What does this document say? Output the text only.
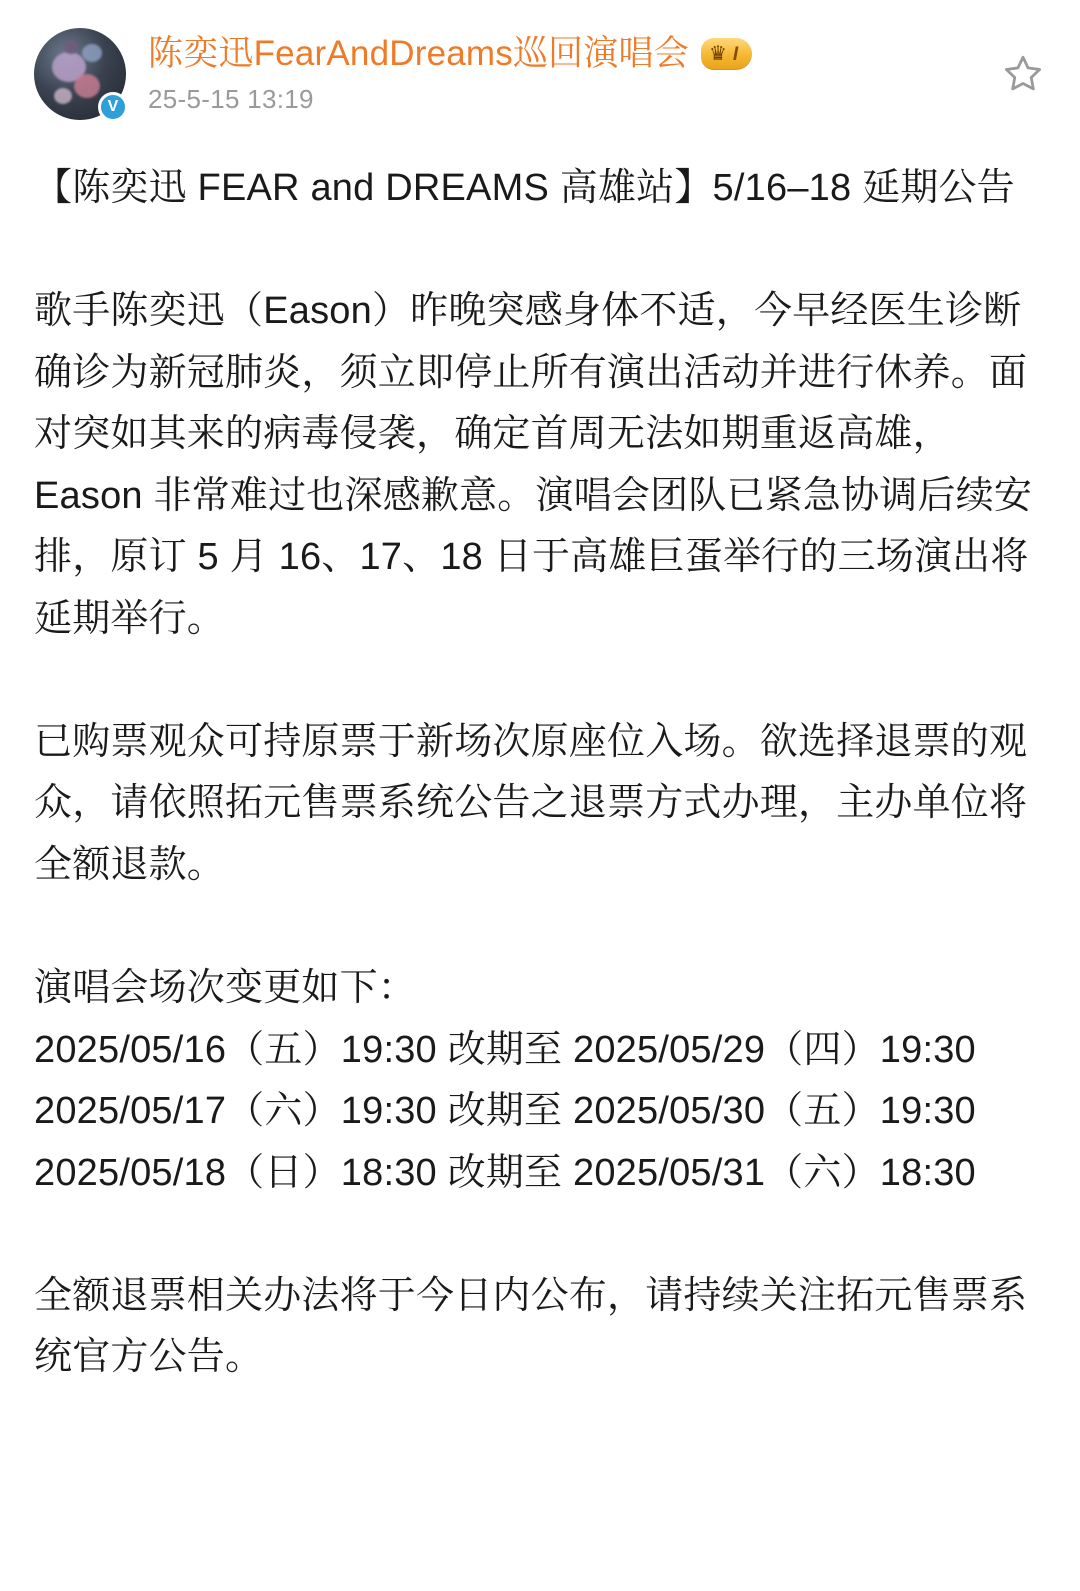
V
陈奕迅FearAndDreams巡回演唱会 ♛ I
25-5-15 13:19

【陈奕迅 FEAR and DREAMS 高雄站】5/16–18 延期公告

歌手陈奕迅（Eason）昨晚突感身体不适，今早经医生诊断确诊为新冠肺炎，须立即停止所有演出活动并进行休养。面对突如其来的病毒侵袭，确定首周无法如期重返高雄，Eason 非常难过也深感歉意。演唱会团队已紧急协调后续安排，原订 5 月 16、17、18 日于高雄巨蛋举行的三场演出将延期举行。

已购票观众可持原票于新场次原座位入场。欲选择退票的观众，请依照拓元售票系统公告之退票方式办理，主办单位将全额退款。

演唱会场次变更如下：

2025/05/16（五）19:30 改期至 2025/05/29（四）19:30

2025/05/17（六）19:30 改期至 2025/05/30（五）19:30

2025/05/18（日）18:30 改期至 2025/05/31（六）18:30

全额退票相关办法将于今日内公布，请持续关注拓元售票系统官方公告。
